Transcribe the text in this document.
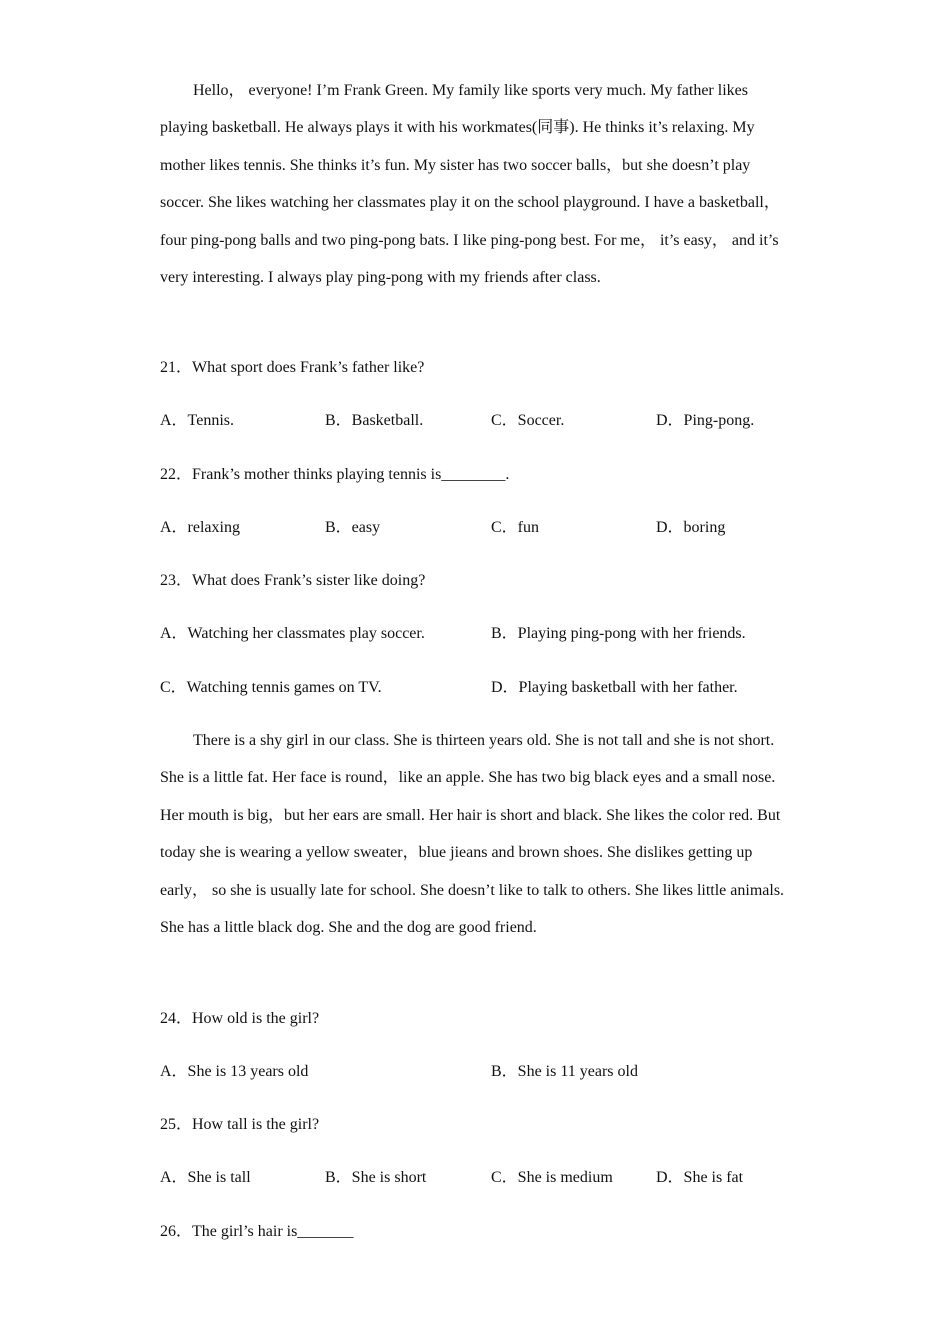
Hello， everyone! I’m Frank Green. My family like sports very much. My father likes playing basketball. He always plays it with his workmates(同事). He thinks it’s relaxing. My mother likes tennis. She thinks it’s fun. My sister has two soccer balls，but she doesn’t play soccer. She likes watching her classmates play it on the school playground. I have a basketball， four ping-pong balls and two ping-pong bats. I like ping-pong best. For me， it’s easy， and it’s very interesting. I always play ping-pong with my friends after class.

21．What sport does Frank’s father like?
A．Tennis.	B．Basketball.	C．Soccer.	D．Ping-pong.
22．Frank’s mother thinks playing tennis is________.
A．relaxing	B．easy	C．fun	D．boring
23．What does Frank’s sister like doing?
A．Watching her classmates play soccer.	B．Playing ping-pong with her friends.
C．Watching tennis games on TV.	D．Playing basketball with her father.

There is a shy girl in our class. She is thirteen years old. She is not tall and she is not short. She is a little fat. Her face is round，like an apple. She has two big black eyes and a small nose. Her mouth is big，but her ears are small. Her hair is short and black. She likes the color red. But today she is wearing a yellow sweater，blue jieans and brown shoes. She dislikes getting up early， so she is usually late for school. She doesn’t like to talk to others. She likes little animals. She has a little black dog. She and the dog are good friend.

24．How old is the girl?
A．She is 13 years old	B．She is 11 years old
25．How tall is the girl?
A．She is tall	B．She is short	C．She is medium	D．She is fat
26．The girl’s hair is_______
